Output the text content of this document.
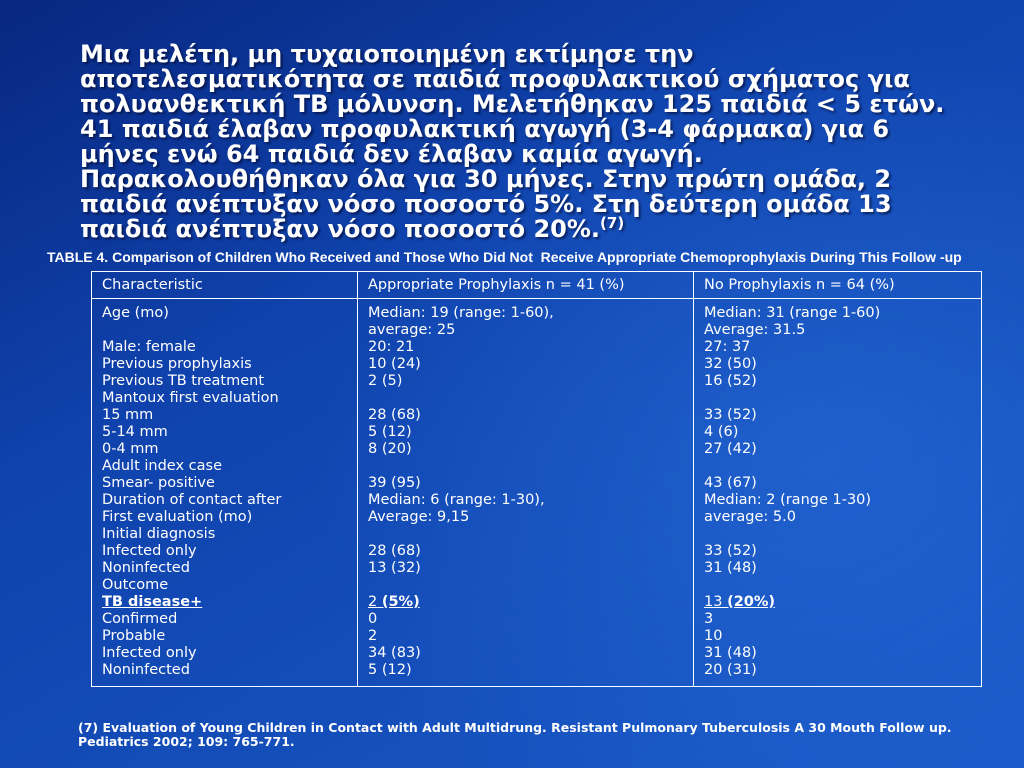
Μια μελέτη, μη τυχαιοποιημένη εκτίμησε την
αποτελεσματικότητα σε παιδιά προφυλακτικού σχήματος για
πολυανθεκτική TB μόλυνση. Μελετήθηκαν 125 παιδιά < 5 ετών.
41 παιδιά έλαβαν προφυλακτική αγωγή (3-4 φάρμακα) για 6
μήνες ενώ 64 παιδιά δεν έλαβαν καμία αγωγή.
Παρακολουθήθηκαν όλα για 30 μήνες. Στην πρώτη ομάδα, 2
παιδιά ανέπτυξαν νόσο ποσοστό 5%. Στη δεύτερη ομάδα 13
παιδιά ανέπτυξαν νόσο ποσοστό 20%.$^{(7)}$
TABLE 4. Comparison of Children Who Received and Those Who Did Not  Receive Appropriate Chemoprophylaxis During This Follow -up
Characteristic	Appropriate Prophylaxis n = 41 (%)	No Prophylaxis n = 64 (%)
Age (mo)	Median: 19 (range: 1-60),	Median: 31 (range 1-60)
	average: 25	Average: 31.5
Male: female	20: 21	27: 37
Previous prophylaxis	10 (24)	32 (50)
Previous TB treatment	2 (5)	16 (52)
Mantoux first evaluation		
15 mm	28 (68)	33 (52)
5-14 mm	5 (12)	4 (6)
0-4 mm	8 (20)	27 (42)
Adult index case		
Smear- positive	39 (95)	43 (67)
Duration of contact after	Median: 6 (range: 1-30),	Median: 2 (range 1-30)
First evaluation (mo)	Average: 9,15	average: 5.0
Initial diagnosis		
Infected only	28 (68)	33 (52)
Noninfected	13 (32)	31 (48)
Outcome		
TB disease+	2 (5%)	13 (20%)
Confirmed	0	3
Probable	2	10
Infected only	34 (83)	31 (48)
Noninfected	5 (12)	20 (31)
(7) Evaluation of Young Children in Contact with Adult Multidrung. Resistant Pulmonary Tuberculosis A 30 Mouth Follow up.
Pediatrics 2002; 109: 765-771.
